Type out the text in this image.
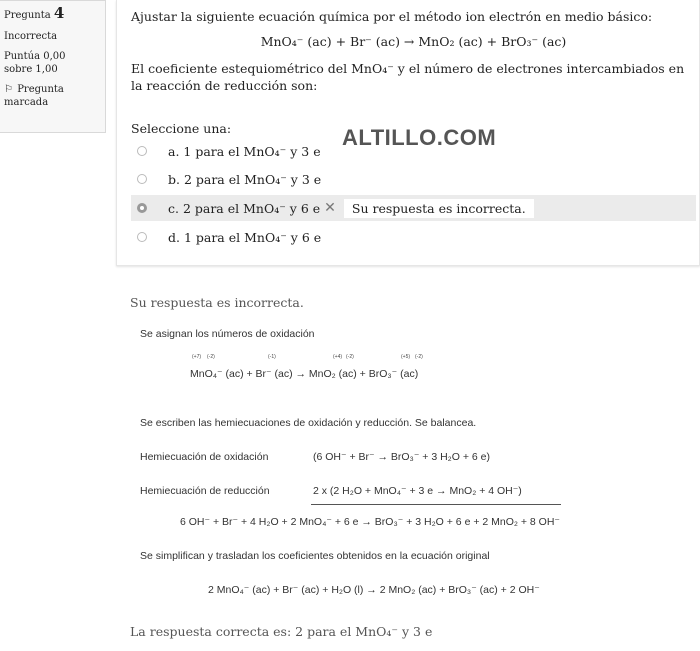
Pregunta 4
Incorrecta
Puntúa 0,00
sobre 1,00
⚐ Pregunta
marcada
Ajustar la siguiente ecuación química por el método ion electrón en medio básico:
MnO₄⁻ (ac) + Br⁻ (ac) → MnO₂ (ac) + BrO₃⁻ (ac)
El coeficiente estequiométrico del MnO₄⁻ y el número de electrones intercambiados en
la reacción de reducción son:
Seleccione una:
a. 1 para el MnO₄⁻ y 3 e
b. 2 para el MnO₄⁻ y 3 e
c. 2 para el MnO₄⁻ y 6 e ✕	Su respuesta es incorrecta.
d. 1 para el MnO₄⁻ y 6 e
ALTILLO.COM
Su respuesta es incorrecta.
Se asignan los números de oxidación
(+7) (-2)	(-1)	(+4) (-2)	(+5) (-2)
MnO₄⁻ (ac) + Br⁻ (ac) → MnO₂ (ac) + BrO₃⁻ (ac)
Se escriben las hemiecuaciones de oxidación y reducción. Se balancea.
Hemiecuación de oxidación	(6 OH⁻ + Br⁻ → BrO₃⁻ + 3 H₂O + 6 e)
Hemiecuación de reducción	2 x (2 H₂O + MnO₄⁻ + 3 e → MnO₂ + 4 OH⁻)
6 OH⁻ + Br⁻ + 4 H₂O + 2 MnO₄⁻ + 6 e → BrO₃⁻ + 3 H₂O + 6 e + 2 MnO₂ + 8 OH⁻
Se simplifican y trasladan los coeficientes obtenidos en la ecuación original
2 MnO₄⁻ (ac) + Br⁻ (ac) + H₂O (l) → 2 MnO₂ (ac) + BrO₃⁻ (ac) + 2 OH⁻
La respuesta correcta es: 2 para el MnO₄⁻ y 3 e
